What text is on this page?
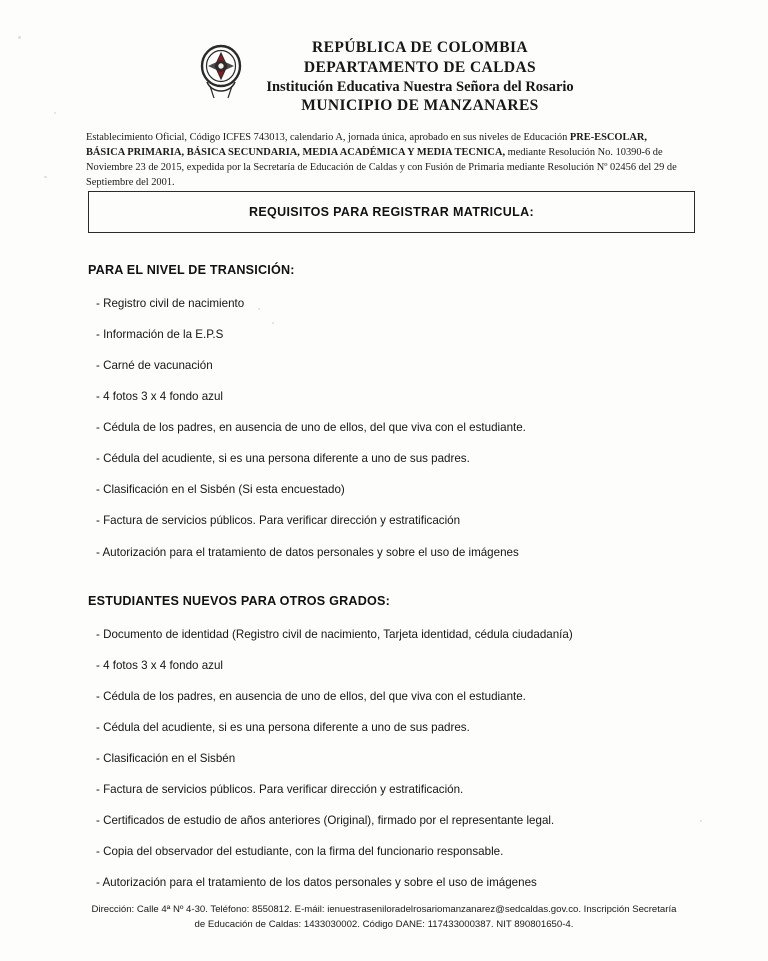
REPÚBLICA DE COLOMBIA
DEPARTAMENTO DE CALDAS
Institución Educativa Nuestra Señora del Rosario
MUNICIPIO DE MANZANARES
Establecimiento Oficial, Código ICFES 743013, calendario A, jornada única, aprobado en sus niveles de Educación PRE-ESCOLAR, BÁSICA PRIMARIA, BÁSICA SECUNDARIA, MEDIA ACADÉMICA Y MEDIA TECNICA, mediante Resolución No. 10390-6 de Noviembre 23 de 2015, expedida por la Secretaría de Educación de Caldas y con Fusión de Primaria mediante Resolución Nº 02456 del 29 de Septiembre del 2001.
REQUISITOS PARA REGISTRAR MATRICULA:
PARA EL NIVEL DE TRANSICIÓN:
- Registro civil de nacimiento
- Información de la E.P.S
- Carné de vacunación
- 4 fotos 3 x 4 fondo azul
- Cédula de los padres, en ausencia de uno de ellos, del que viva con el estudiante.
- Cédula del acudiente, si es una persona diferente a uno de sus padres.
- Clasificación en el Sisbén (Si esta encuestado)
- Factura de servicios públicos. Para verificar dirección y estratificación
- Autorización para el tratamiento de datos personales y sobre el uso de imágenes
ESTUDIANTES NUEVOS PARA OTROS GRADOS:
- Documento de identidad (Registro civil de nacimiento, Tarjeta identidad, cédula ciudadanía)
- 4 fotos 3 x 4 fondo azul
- Cédula de los padres, en ausencia de uno de ellos, del que viva con el estudiante.
- Cédula del acudiente, si es una persona diferente a uno de sus padres.
- Clasificación en el Sisbén
- Factura de servicios públicos. Para verificar dirección y estratificación.
- Certificados de estudio de años anteriores (Original), firmado por el representante legal.
- Copia del observador del estudiante, con la firma del funcionario responsable.
- Autorización para el tratamiento de los datos personales y sobre el uso de imágenes
Dirección: Calle 4ª Nº 4-30. Teléfono: 8550812. E-máil: ienuestraseniloradelrosariomanzanarez@sedcaldas.gov.co. Inscripción Secretaría
de Educación de Caldas: 1433030002. Código DANE: 117433000387. NIT 890801650-4.
